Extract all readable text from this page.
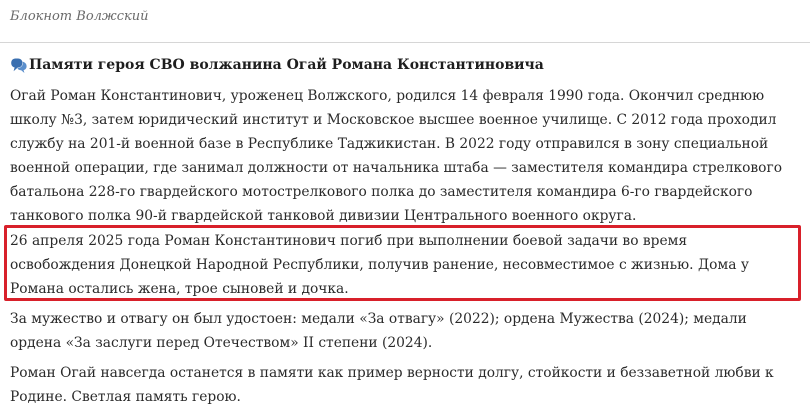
Блокнот Волжский
Памяти героя СВО волжанина Огай Романа Константиновича

Огай Роман Константинович, уроженец Волжского, родился 14 февраля 1990 года. Окончил среднюю
школу №3, затем юридический институт и Московское высшее военное училище. С 2012 года проходил
службу на 201-й военной базе в Республике Таджикистан. В 2022 году отправился в зону специальной
военной операции, где занимал должности от начальника штаба — заместителя командира стрелкового
батальона 228-го гвардейского мотострелкового полка до заместителя командира 6-го гвардейского
танкового полка 90-й гвардейской танковой дивизии Центрального военного округа.

26 апреля 2025 года Роман Константинович погиб при выполнении боевой задачи во время
освобождения Донецкой Народной Республики, получив ранение, несовместимое с жизнью. Дома у
Романа остались жена, трое сыновей и дочка.

За мужество и отвагу он был удостоен: медали «За отвагу» (2022); ордена Мужества (2024); медали
ордена «За заслуги перед Отечеством» II степени (2024).

Роман Огай навсегда останется в памяти как пример верности долгу, стойкости и беззаветной любви к
Родине. Светлая память герою.
